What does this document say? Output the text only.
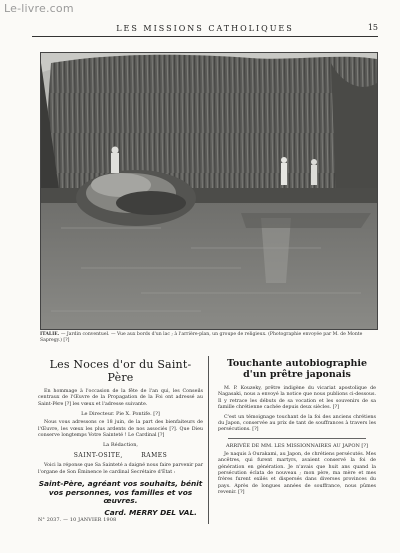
Le-livre.com
LES MISSIONS CATHOLIQUES	15
ITALIE. — Jardin conventuel. — Vue aux bords d'un lac ; à l'arrière-plan, un groupe de religieux. (Photographie envoyée par M. de Monte Sapregy.) [?]
Les Noces d'or du Saint-Père

En hommage à l'occasion de la fête de l'an qui, les Conseils centraux de l'Œuvre de la Propagation de la Foi ont adressé au Saint-Père [?] les vœux et l'adresse suivante.

Le Directeur. Pie X. Pontife. [?]

Nous vous adressons ce 18 juin, de la part des bienfaiteurs de l'Œuvre, les vœux les plus ardents de nos associés [?]. Que Dieu conserve longtemps Votre Sainteté ! Le Cardinal [?]

La Rédaction,

SAINT-OSITE,	RAMES

Voici la réponse que Sa Sainteté a daigné nous faire parvenir par l'organe de Son Éminence le cardinal Secrétaire d'État :

Saint-Père, agréant vos souhaits, bénit vos personnes, vos familles et vos œuvres.

Card. MERRY DEL VAL.

Touchante autobiographie
d'un prêtre japonais

M. P. Kouzeky, prêtre indigène du vicariat apostolique de Nagasaki, nous a envoyé la notice que nous publions ci-dessous. Il y retrace les débuts de sa vocation et les souvenirs de sa famille chrétienne cachée depuis deux siècles. [?]

C'est un témoignage touchant de la foi des anciens chrétiens du Japon, conservée au prix de tant de souffrances à travers les persécutions. [?]

ARRIVÉE DE MM. LES MISSIONNAIRES AU JAPON [?]

Je naquis à Ourakami, au Japon, de chrétiens persécutés. Mes ancêtres, qui furent martyrs, avaient conservé la foi de génération en génération. Je n'avais que huit ans quand la persécution éclata de nouveau ; mon père, ma mère et mes frères furent exilés et dispersés dans diverses provinces du pays. Après de longues années de souffrance, nous pûmes revenir. [?]

N° 2037. — 10 JANVIER 1908
